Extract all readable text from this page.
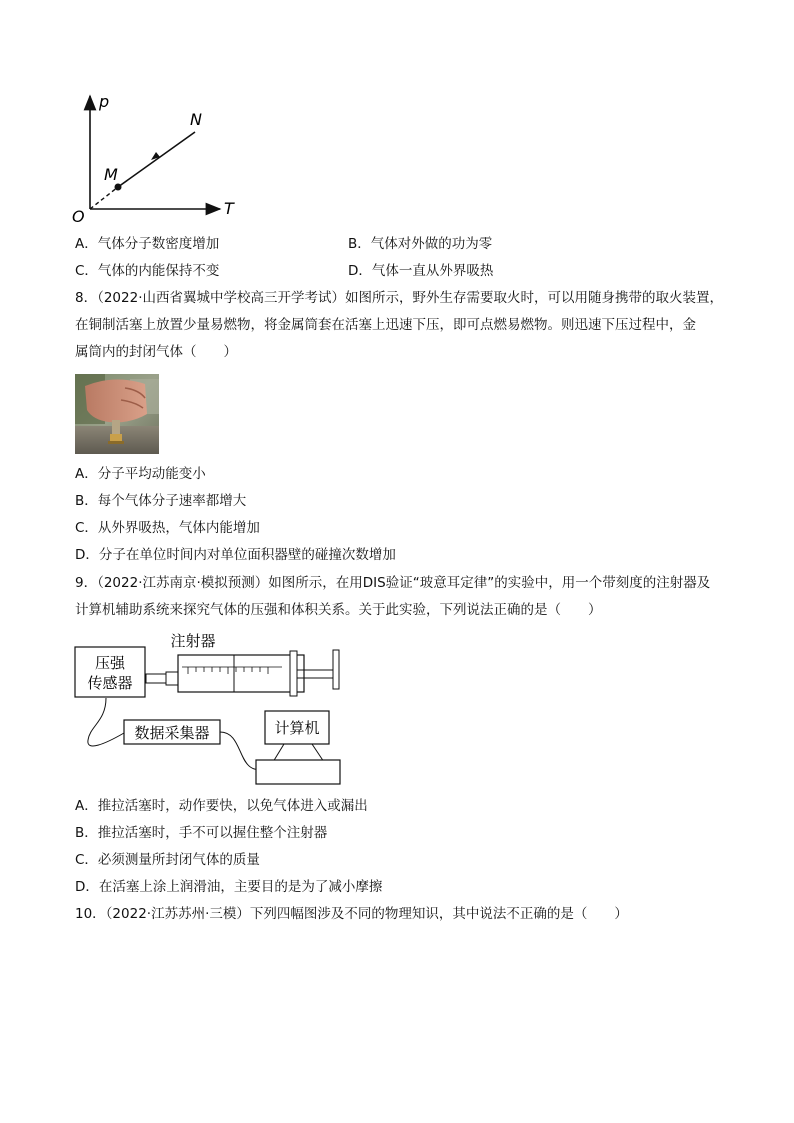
p
T
O
M
N
A．气体分子数密度增加	B．气体对外做的功为零
C．气体的内能保持不变	D．气体一直从外界吸热
8．（2022·山西省翼城中学校高三开学考试）如图所示，野外生存需要取火时，可以用随身携带的取火装置，
在铜制活塞上放置少量易燃物，将金属筒套在活塞上迅速下压，即可点燃易燃物。则迅速下压过程中，金
属筒内的封闭气体（　　）
A．分子平均动能变小
B．每个气体分子速率都增大
C．从外界吸热，气体内能增加
D．分子在单位时间内对单位面积器壁的碰撞次数增加
9．（2022·江苏南京·模拟预测）如图所示，在用DIS验证“玻意耳定律”的实验中，用一个带刻度的注射器及
计算机辅助系统来探究气体的压强和体积关系。关于此实验，下列说法正确的是（　　）
压强
传感器
注射器
数据采集器	计算机
A．推拉活塞时，动作要快，以免气体进入或漏出
B．推拉活塞时，手不可以握住整个注射器
C．必须测量所封闭气体的质量
D．在活塞上涂上润滑油，主要目的是为了减小摩擦
10．（2022·江苏苏州·三模）下列四幅图涉及不同的物理知识，其中说法不正确的是（　　）
